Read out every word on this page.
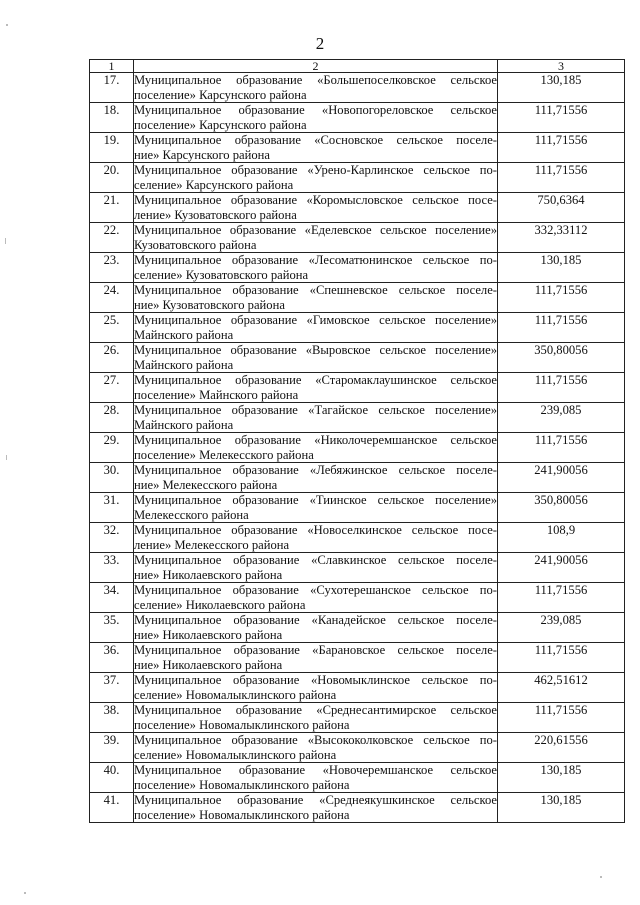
2
1	2	3
17.	Муниципальное образование «Большепоселковское сельское
поселение» Карсунского района	130,185
18.	Муниципальное образование «Новопогореловское сельское
поселение» Карсунского района	111,71556
19.	Муниципальное образование «Сосновское сельское поселе-
ние» Карсунского района	111,71556
20.	Муниципальное образование «Урено-Карлинское сельское по-
селение» Карсунского района	111,71556
21.	Муниципальное образование «Коромысловское сельское посе-
ление» Кузоватовского района	750,6364
22.	Муниципальное образование «Еделевское сельское поселение»
Кузоватовского района	332,33112
23.	Муниципальное образование «Лесоматюнинское сельское по-
селение» Кузоватовского района	130,185
24.	Муниципальное образование «Спешневское сельское поселе-
ние» Кузоватовского района	111,71556
25.	Муниципальное образование «Гимовское сельское поселение»
Майнского района	111,71556
26.	Муниципальное образование «Выровское сельское поселение»
Майнского района	350,80056
27.	Муниципальное образование «Старомаклаушинское сельское
поселение» Майнского района	111,71556
28.	Муниципальное образование «Тагайское сельское поселение»
Майнского района	239,085
29.	Муниципальное образование «Николочеремшанское сельское
поселение» Мелекесского района	111,71556
30.	Муниципальное образование «Лебяжинское сельское поселе-
ние» Мелекесского района	241,90056
31.	Муниципальное образование «Тиинское сельское поселение»
Мелекесского района	350,80056
32.	Муниципальное образование «Новоселкинское сельское посе-
ление» Мелекесского района	108,9
33.	Муниципальное образование «Славкинское сельское поселе-
ние» Николаевского района	241,90056
34.	Муниципальное образование «Сухотерешанское сельское по-
селение» Николаевского района	111,71556
35.	Муниципальное образование «Канадейское сельское поселе-
ние» Николаевского района	239,085
36.	Муниципальное образование «Барановское сельское поселе-
ние» Николаевского района	111,71556
37.	Муниципальное образование «Новомыклинское сельское по-
селение» Новомалыклинского района	462,51612
38.	Муниципальное образование «Среднесантимирское сельское
поселение» Новомалыклинского района	111,71556
39.	Муниципальное образование «Высококолковское сельское по-
селение» Новомалыклинского района	220,61556
40.	Муниципальное образование «Новочеремшанское сельское
поселение» Новомалыклинского района	130,185
41.	Муниципальное образование «Среднеякушкинское сельское
поселение» Новомалыклинского района	130,185
